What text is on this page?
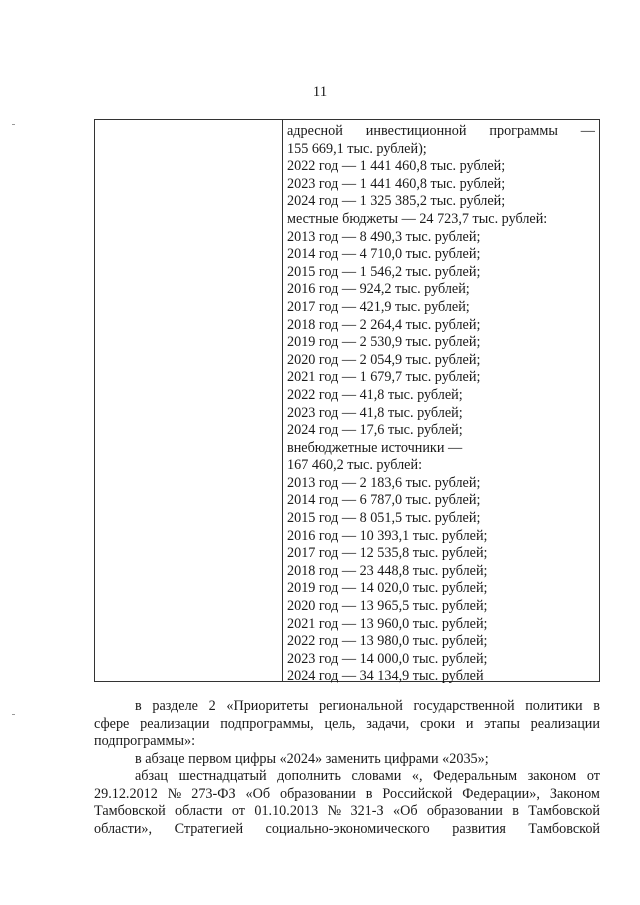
11
адресной инвестиционной программы —
155 669,1 тыс. рублей);
2022 год — 1 441 460,8 тыс. рублей;
2023 год — 1 441 460,8 тыс. рублей;
2024 год — 1 325 385,2 тыс. рублей;
местные бюджеты — 24 723,7 тыс. рублей:
2013 год — 8 490,3 тыс. рублей;
2014 год — 4 710,0 тыс. рублей;
2015 год — 1 546,2 тыс. рублей;
2016 год — 924,2 тыс. рублей;
2017 год — 421,9 тыс. рублей;
2018 год — 2 264,4 тыс. рублей;
2019 год — 2 530,9 тыс. рублей;
2020 год — 2 054,9 тыс. рублей;
2021 год — 1 679,7 тыс. рублей;
2022 год — 41,8 тыс. рублей;
2023 год — 41,8 тыс. рублей;
2024 год — 17,6 тыс. рублей;
внебюджетные источники —
167 460,2 тыс. рублей:
2013 год — 2 183,6 тыс. рублей;
2014 год — 6 787,0 тыс. рублей;
2015 год — 8 051,5 тыс. рублей;
2016 год — 10 393,1 тыс. рублей;
2017 год — 12 535,8 тыс. рублей;
2018 год — 23 448,8 тыс. рублей;
2019 год — 14 020,0 тыс. рублей;
2020 год — 13 965,5 тыс. рублей;
2021 год — 13 960,0 тыс. рублей;
2022 год — 13 980,0 тыс. рублей;
2023 год — 14 000,0 тыс. рублей;
2024 год — 34 134,9 тыс. рублей
в разделе 2 «Приоритеты региональной государственной политики в
сфере реализации подпрограммы, цель, задачи, сроки и этапы реализации
подпрограммы»:
в абзаце первом цифры «2024» заменить цифрами «2035»;
абзац шестнадцатый дополнить словами «, Федеральным законом от
29.12.2012 № 273-ФЗ «Об образовании в Российской Федерации», Законом
Тамбовской области от 01.10.2013 № 321-З «Об образовании в Тамбовской
области», Стратегией социально-экономического развития Тамбовской
